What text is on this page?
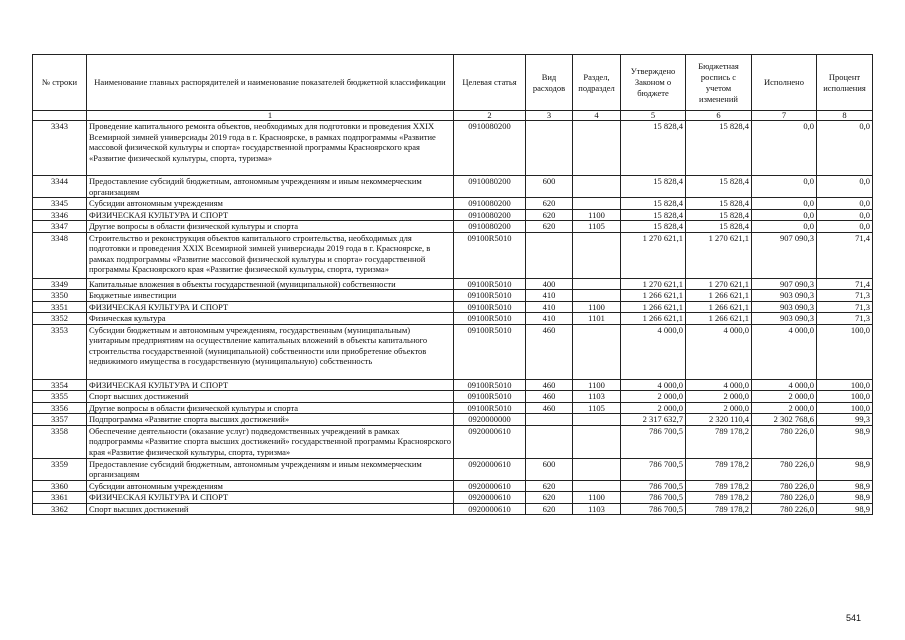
№ строки	Наименование главных распорядителей и наименование показателей бюджетной классификации	Целевая статья	Вид расходов	Раздел, подраздел	Утверждено Законом о бюджете	Бюджетная роспись с учетом изменений	Исполнено	Процент исполнения
	1	2	3	4	5	6	7	8
3343	Проведение капитального ремонта объектов, необходимых для подготовки и проведения XXIX Всемирной зимней универсиады 2019 года в г. Красноярске, в рамках подпрограммы «Развитие массовой физической культуры и спорта» государственной программы Красноярского края «Развитие физической культуры, спорта, туризма»	0910080200			15 828,4	15 828,4	0,0	0,0
3344	Предоставление субсидий бюджетным, автономным учреждениям и иным некоммерческим организациям	0910080200	600		15 828,4	15 828,4	0,0	0,0
3345	Субсидии автономным учреждениям	0910080200	620		15 828,4	15 828,4	0,0	0,0
3346	ФИЗИЧЕСКАЯ КУЛЬТУРА И СПОРТ	0910080200	620	1100	15 828,4	15 828,4	0,0	0,0
3347	Другие вопросы в области физической культуры и спорта	0910080200	620	1105	15 828,4	15 828,4	0,0	0,0
3348	Строительство и реконструкция объектов капитального строительства, необходимых для подготовки и проведения XXIX Всемирной зимней универсиады 2019 года в г. Красноярске, в рамках подпрограммы «Развитие массовой физической культуры и спорта» государственной программы Красноярского края «Развитие физической культуры, спорта, туризма»	09100R5010			1 270 621,1	1 270 621,1	907 090,3	71,4
3349	Капитальные вложения в объекты государственной (муниципальной) собственности	09100R5010	400		1 270 621,1	1 270 621,1	907 090,3	71,4
3350	Бюджетные инвестиции	09100R5010	410		1 266 621,1	1 266 621,1	903 090,3	71,3
3351	ФИЗИЧЕСКАЯ КУЛЬТУРА И СПОРТ	09100R5010	410	1100	1 266 621,1	1 266 621,1	903 090,3	71,3
3352	Физическая культура	09100R5010	410	1101	1 266 621,1	1 266 621,1	903 090,3	71,3
3353	Субсидии бюджетным и автономным учреждениям, государственным (муниципальным) унитарным предприятиям на осуществление капитальных вложений в объекты капитального строительства государственной (муниципальной) собственности или приобретение объектов недвижимого имущества в государственную (муниципальную) собственность	09100R5010	460		4 000,0	4 000,0	4 000,0	100,0
3354	ФИЗИЧЕСКАЯ КУЛЬТУРА И СПОРТ	09100R5010	460	1100	4 000,0	4 000,0	4 000,0	100,0
3355	Спорт высших достижений	09100R5010	460	1103	2 000,0	2 000,0	2 000,0	100,0
3356	Другие вопросы в области физической культуры и спорта	09100R5010	460	1105	2 000,0	2 000,0	2 000,0	100,0
3357	Подпрограмма «Развитие спорта высших достижений»	0920000000			2 317 632,7	2 320 110,4	2 302 768,6	99,3
3358	Обеспечение деятельности (оказание услуг) подведомственных учреждений в рамках подпрограммы «Развитие спорта высших достижений» государственной программы Красноярского края «Развитие физической культуры, спорта, туризма»	0920000610			786 700,5	789 178,2	780 226,0	98,9
3359	Предоставление субсидий бюджетным, автономным учреждениям и иным некоммерческим организациям	0920000610	600		786 700,5	789 178,2	780 226,0	98,9
3360	Субсидии автономным учреждениям	0920000610	620		786 700,5	789 178,2	780 226,0	98,9
3361	ФИЗИЧЕСКАЯ КУЛЬТУРА И СПОРТ	0920000610	620	1100	786 700,5	789 178,2	780 226,0	98,9
3362	Спорт высших достижений	0920000610	620	1103	786 700,5	789 178,2	780 226,0	98,9
541
